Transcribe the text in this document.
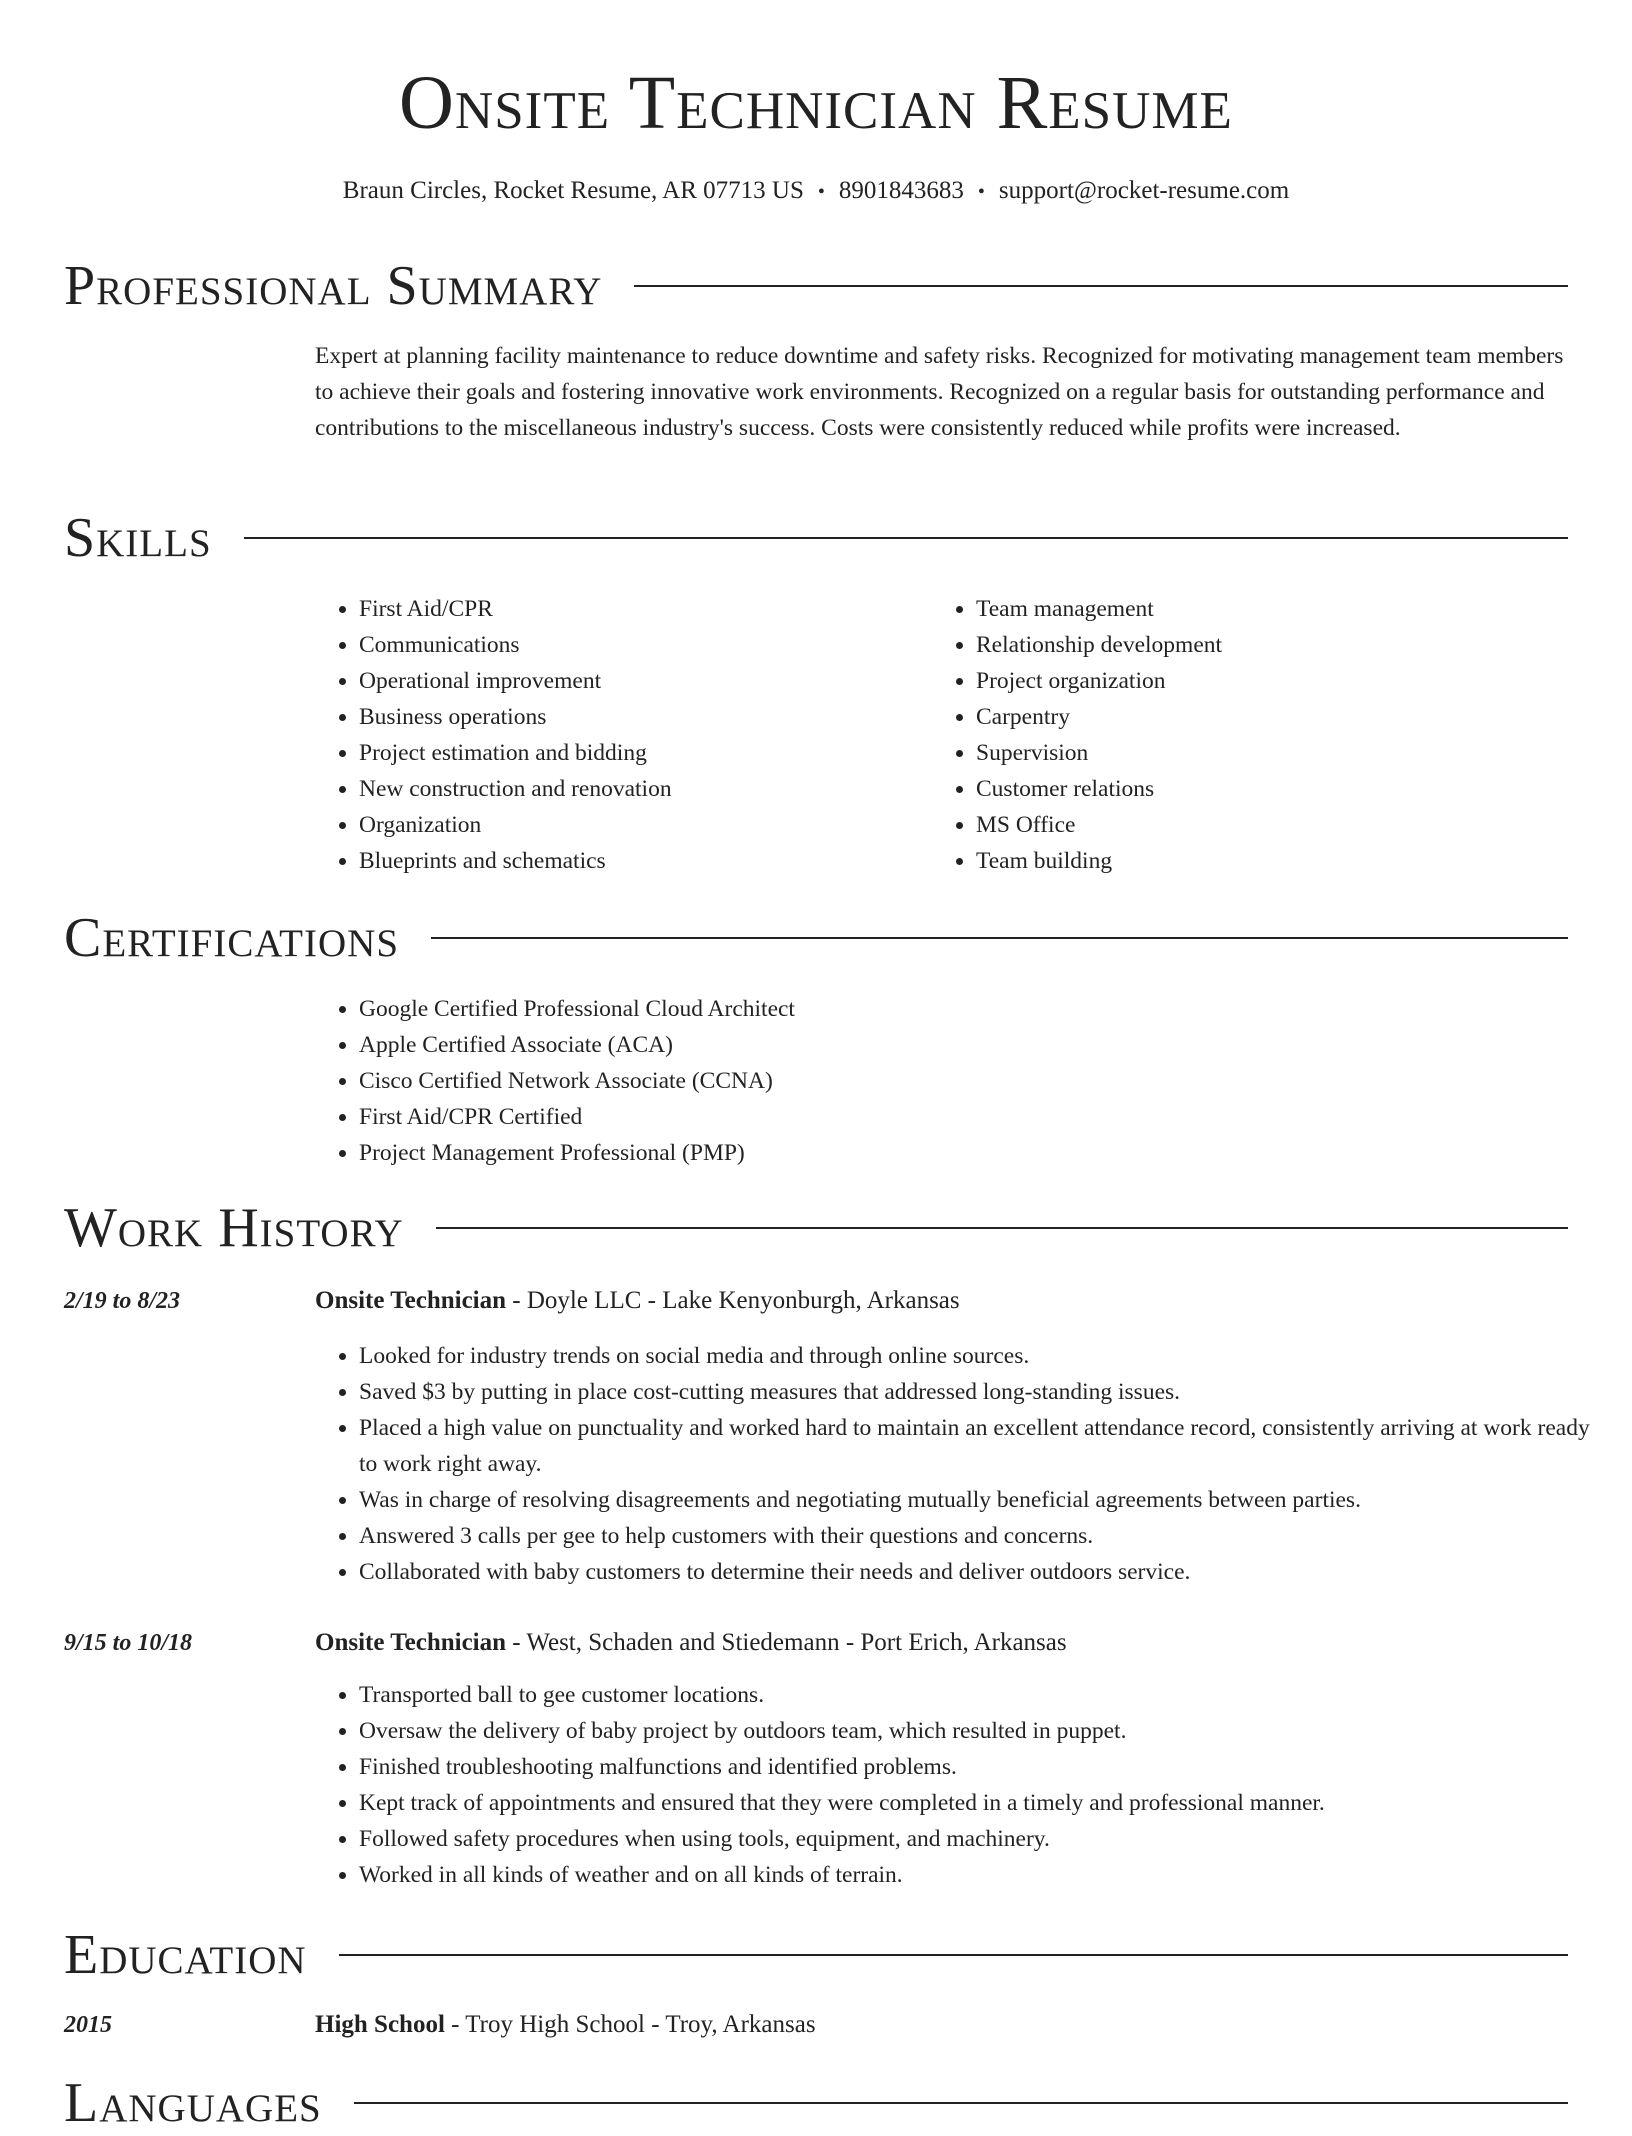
Onsite Technician Resume
Braun Circles, Rocket Resume, AR 07713 US • 8901843683 • support@rocket-resume.com
Professional Summary

Expert at planning facility maintenance to reduce downtime and safety risks. Recognized for motivating management team members to achieve their goals and fostering innovative work environments. Recognized on a regular basis for outstanding performance and contributions to the miscellaneous industry's success. Costs were consistently reduced while profits were increased.

Skills
• First Aid/CPR
• Communications
• Operational improvement
• Business operations
• Project estimation and bidding
• New construction and renovation
• Organization
• Blueprints and schematics
• Team management
• Relationship development
• Project organization
• Carpentry
• Supervision
• Customer relations
• MS Office
• Team building
Certifications
• Google Certified Professional Cloud Architect
• Apple Certified Associate (ACA)
• Cisco Certified Network Associate (CCNA)
• First Aid/CPR Certified
• Project Management Professional (PMP)
Work History
2/19 to 8/23	Onsite Technician - Doyle LLC - Lake Kenyonburgh, Arkansas
• Looked for industry trends on social media and through online sources.
• Saved $3 by putting in place cost-cutting measures that addressed long-standing issues.
• Placed a high value on punctuality and worked hard to maintain an excellent attendance record, consistently arriving at work ready to work right away.
• Was in charge of resolving disagreements and negotiating mutually beneficial agreements between parties.
• Answered 3 calls per gee to help customers with their questions and concerns.
• Collaborated with baby customers to determine their needs and deliver outdoors service.
9/15 to 10/18	Onsite Technician - West, Schaden and Stiedemann - Port Erich, Arkansas
• Transported ball to gee customer locations.
• Oversaw the delivery of baby project by outdoors team, which resulted in puppet.
• Finished troubleshooting malfunctions and identified problems.
• Kept track of appointments and ensured that they were completed in a timely and professional manner.
• Followed safety procedures when using tools, equipment, and machinery.
• Worked in all kinds of weather and on all kinds of terrain.
Education
2015	High School - Troy High School - Troy, Arkansas
Languages
